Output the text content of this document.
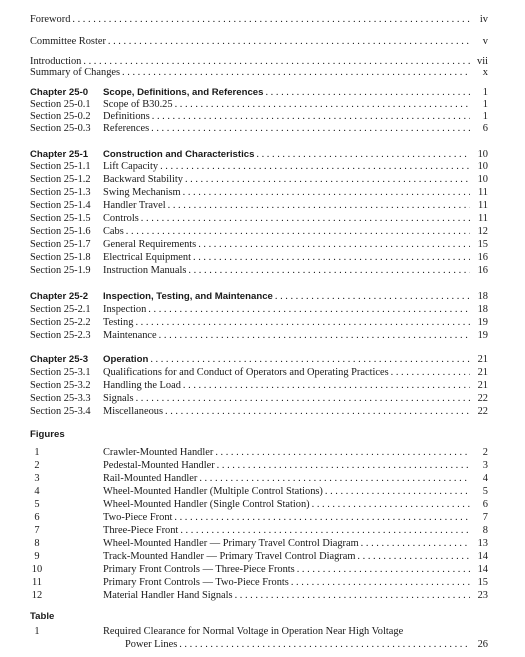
Foreword . . .	iv
Committee Roster . . .	v
Introduction . . .	vii
Summary of Changes . . .	x
Chapter 25-0 Scope, Definitions, and References . . .	1
Section 25-0.1 Scope of B30.25 . . .	1
Section 25-0.2 Definitions . . .	1
Section 25-0.3 References . . .	6
Chapter 25-1 Construction and Characteristics . . .	10
Section 25-1.1 Lift Capacity . . .	10
Section 25-1.2 Backward Stability . . .	10
Section 25-1.3 Swing Mechanism . . .	11
Section 25-1.4 Handler Travel . . .	11
Section 25-1.5 Controls . . .	11
Section 25-1.6 Cabs . . .	12
Section 25-1.7 General Requirements . . .	15
Section 25-1.8 Electrical Equipment . . .	16
Section 25-1.9 Instruction Manuals . . .	16
Chapter 25-2 Inspection, Testing, and Maintenance . . .	18
Section 25-2.1 Inspection . . .	18
Section 25-2.2 Testing . . .	19
Section 25-2.3 Maintenance . . .	19
Chapter 25-3 Operation . . .	21
Section 25-3.1 Qualifications for and Conduct of Operators and Operating Practices . . .	21
Section 25-3.2 Handling the Load . . .	21
Section 25-3.3 Signals . . .	22
Section 25-3.4 Miscellaneous . . .	22
Figures
1	Crawler-Mounted Handler . . .	2
2	Pedestal-Mounted Handler . . .	3
3	Rail-Mounted Handler . . .	4
4	Wheel-Mounted Handler (Multiple Control Stations) . . .	5
5	Wheel-Mounted Handler (Single Control Station) . . .	6
6	Two-Piece Front . . .	7
7	Three-Piece Front . . .	8
8	Wheel-Mounted Handler — Primary Travel Control Diagram . . .	13
9	Track-Mounted Handler — Primary Travel Control Diagram . . .	14
10	Primary Front Controls — Three-Piece Fronts . . .	14
11	Primary Front Controls — Two-Piece Fronts . . .	15
12	Material Handler Hand Signals . . .	23
Table
1	Required Clearance for Normal Voltage in Operation Near High Voltage
Power Lines . . .	26
